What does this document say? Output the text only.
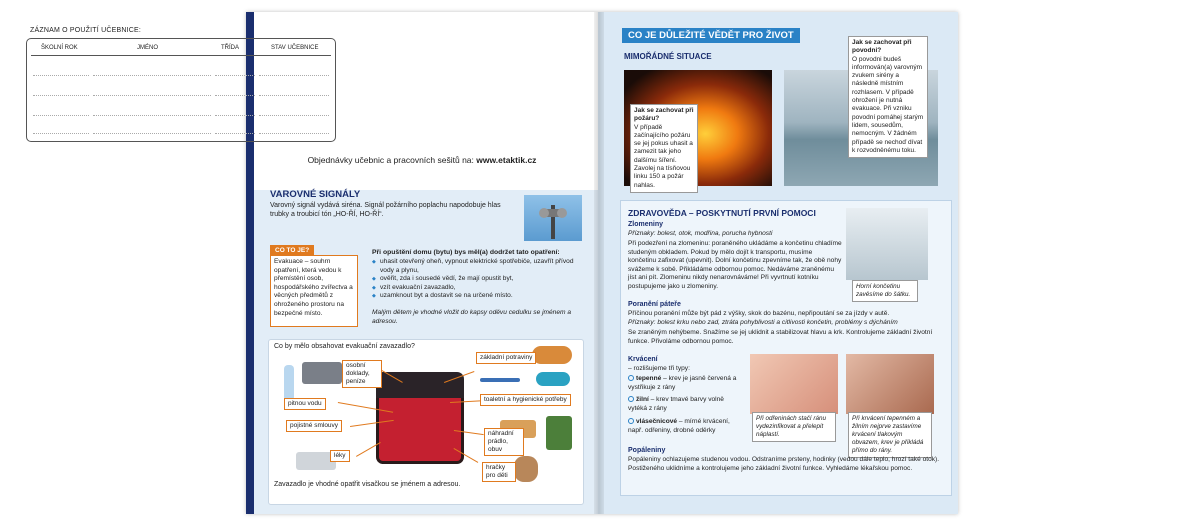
ZÁZNAM O POUŽITÍ UČEBNICE:
ŠKOLNÍ ROK	JMÉNO	TŘÍDA	STAV UČEBNICE
Objednávky učebnic a pracovních sešitů na: www.etaktik.cz
VAROVNÉ SIGNÁLY
Varovný signál vydává siréna. Signál požárního poplachu napodobuje hlas trubky a troubicí tón „HO-ŘÍ, HO-ŘÍ“.
CO TO JE?
Evakuace – souhrn opatření, která vedou k přemístění osob, hospodářského zvířectva a věcných předmětů z ohroženého prostoru na bezpečné místo.
Při opuštění domu (bytu) bys měl(a) dodržet tato opatření:
◆ uhasit otevřený oheň, vypnout elektrické spotřebiče, uzavřít přívod vody a plynu,
◆ ověřit, zda i sousedé vědí, že mají opustit byt,
◆ vzít evakuační zavazadlo,
◆ uzamknout byt a dostavit se na určené místo.
Malým dětem je vhodné vložit do kapsy oděvu cedulku se jménem a adresou.
Co by mělo obsahovat evakuační zavazadlo?
osobní doklady, peníze
pitnou vodu
pojistné smlouvy
léky
základní potraviny
toaletní a hygienické potřeby
náhradní prádlo, obuv
hračky pro děti
Zavazadlo je vhodné opatřit visačkou se jménem a adresou.
CO JE DŮLEŽITÉ VĚDĚT PRO ŽIVOT
MIMOŘÁDNÉ SITUACE
Jak se zachovat při požáru?
V případě začínajícího požáru se jej pokus uhasit a zamezit tak jeho dalšímu šíření. Zavolej na tísňovou linku 150 a požár nahlas.
Jak se zachovat při povodni?
O povodni budeš informován(a) varovným zvukem sirény a následně místním rozhlasem. V případě ohrožení je nutná evakuace. Při vzniku povodní pomáhej starým lidem, sousedům, nemocným. V žádném případě se nechoď dívat k rozvodněnému toku.
ZDRAVOVĚDA – POSKYTNUTÍ PRVNÍ POMOCI
Zlomeniny
Příznaky: bolest, otok, modřina, porucha hybnosti
Při podezření na zlomeninu: poraněného ukládáme a končetinu chladíme studeným obkladem. Pokud by mělo dojít k transportu, musíme končetinu zafixovat (upevnit). Dolní končetinu zpevníme tak, že obě nohy svážeme k sobě. Přikládáme odbornou pomoc. Nedáváme zraněnému jíst ani pít. Zlomeninu nikdy nenarovnáváme! Při vyvrtnutí kotníku postupujeme jako u zlomeniny.	Horní končetinu zavěsíme do šátku.
Poranění páteře
Příčinou poranění může být pád z výšky, skok do bazénu, nepřipoutání se za jízdy v autě.
Příznaky: bolest krku nebo zad, ztráta pohyblivosti a citlivosti končetin, problémy s dýcháním
Se zraněným nehýbeme. Snažíme se jej uklidnit a stabilizovat hlavu a krk. Kontrolujeme základní životní funkce. Přivoláme odbornou pomoc.
Krvácení
– rozlišujeme tři typy:
tepenné – krev je jasně červená a vystřikuje z rány
žilní – krev tmavé barvy volně vytéká z rány
vlásečnicové – mírné krvácení, např. odřeniny, drobné oděrky
Při odřeninách stačí ránu vydezinfikovat a přelepit náplastí.
Při krvácení tepenném a žilním nejprve zastavíme krvácení tlakovým obvazem, krev je přikládá přímo do rány.
Popáleniny
Popáleniny ochlazujeme studenou vodou. Odstraníme prsteny, hodinky (vedou dále teplo, hrozí také otok). Postiženého uklidníme a kontrolujeme jeho základní životní funkce. Vyhledáme lékařskou pomoc.
